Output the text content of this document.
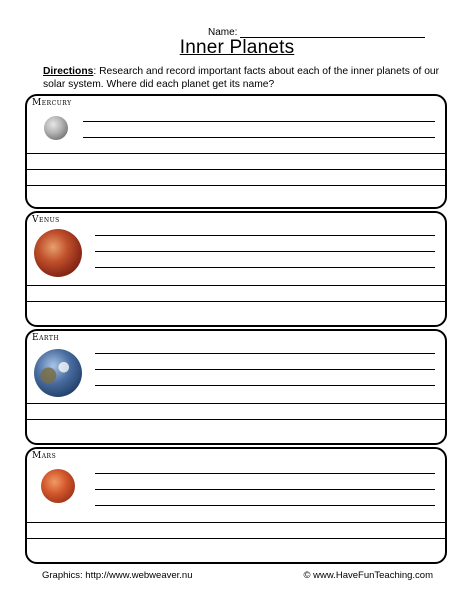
Name:
Inner Planets
Directions: Research and record important facts about each of the inner planets of our solar system. Where did each planet get its name?
Mercury
Venus
Earth
Mars
Graphics: http://www.webweaver.nu	© www.HaveFunTeaching.com
